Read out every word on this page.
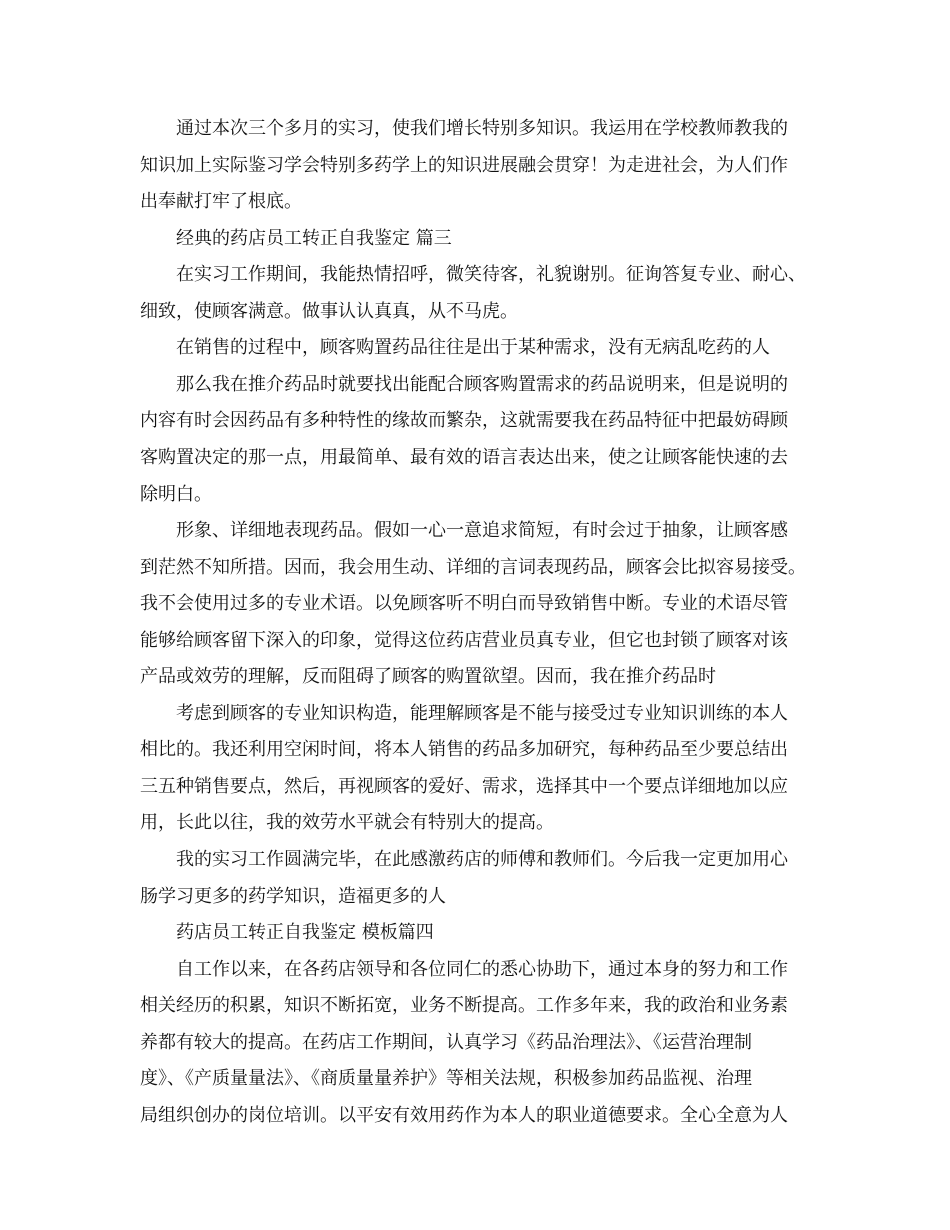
通过本次三个多月的实习，使我们增长特别多知识。我运用在学校教师教我的
知识加上实际鉴习学会特别多药学上的知识进展融会贯穿！为走进社会，为人们作
出奉献打牢了根底。
经典的药店员工转正自我鉴定 篇三
在实习工作期间，我能热情招呼，微笑待客，礼貌谢别。征询答复专业、耐心、
细致，使顾客满意。做事认认真真，从不马虎。
在销售的过程中，顾客购置药品往往是出于某种需求，没有无病乱吃药的人
那么我在推介药品时就要找出能配合顾客购置需求的药品说明来，但是说明的
内容有时会因药品有多种特性的缘故而繁杂，这就需要我在药品特征中把最妨碍顾
客购置决定的那一点，用最简单、最有效的语言表达出来，使之让顾客能快速的去
除明白。
形象、详细地表现药品。假如一心一意追求简短，有时会过于抽象，让顾客感
到茫然不知所措。因而，我会用生动、详细的言词表现药品，顾客会比拟容易接受。
我不会使用过多的专业术语。以免顾客听不明白而导致销售中断。专业的术语尽管
能够给顾客留下深入的印象，觉得这位药店营业员真专业，但它也封锁了顾客对该
产品或效劳的理解，反而阻碍了顾客的购置欲望。因而，我在推介药品时
考虑到顾客的专业知识构造，能理解顾客是不能与接受过专业知识训练的本人
相比的。我还利用空闲时间，将本人销售的药品多加研究，每种药品至少要总结出
三五种销售要点，然后，再视顾客的爱好、需求，选择其中一个要点详细地加以应
用，长此以往，我的效劳水平就会有特别大的提高。
我的实习工作圆满完毕，在此感激药店的师傅和教师们。今后我一定更加用心
肠学习更多的药学知识，造福更多的人
药店员工转正自我鉴定 模板篇四
自工作以来，在各药店领导和各位同仁的悉心协助下，通过本身的努力和工作
相关经历的积累，知识不断拓宽，业务不断提高。工作多年来，我的政治和业务素
养都有较大的提高。在药店工作期间，认真学习《药品治理法》、《运营治理制
度》、《产质量量法》、《商质量量养护》等相关法规，积极参加药品监视、治理
局组织创办的岗位培训。以平安有效用药作为本人的职业道德要求。全心全意为人
